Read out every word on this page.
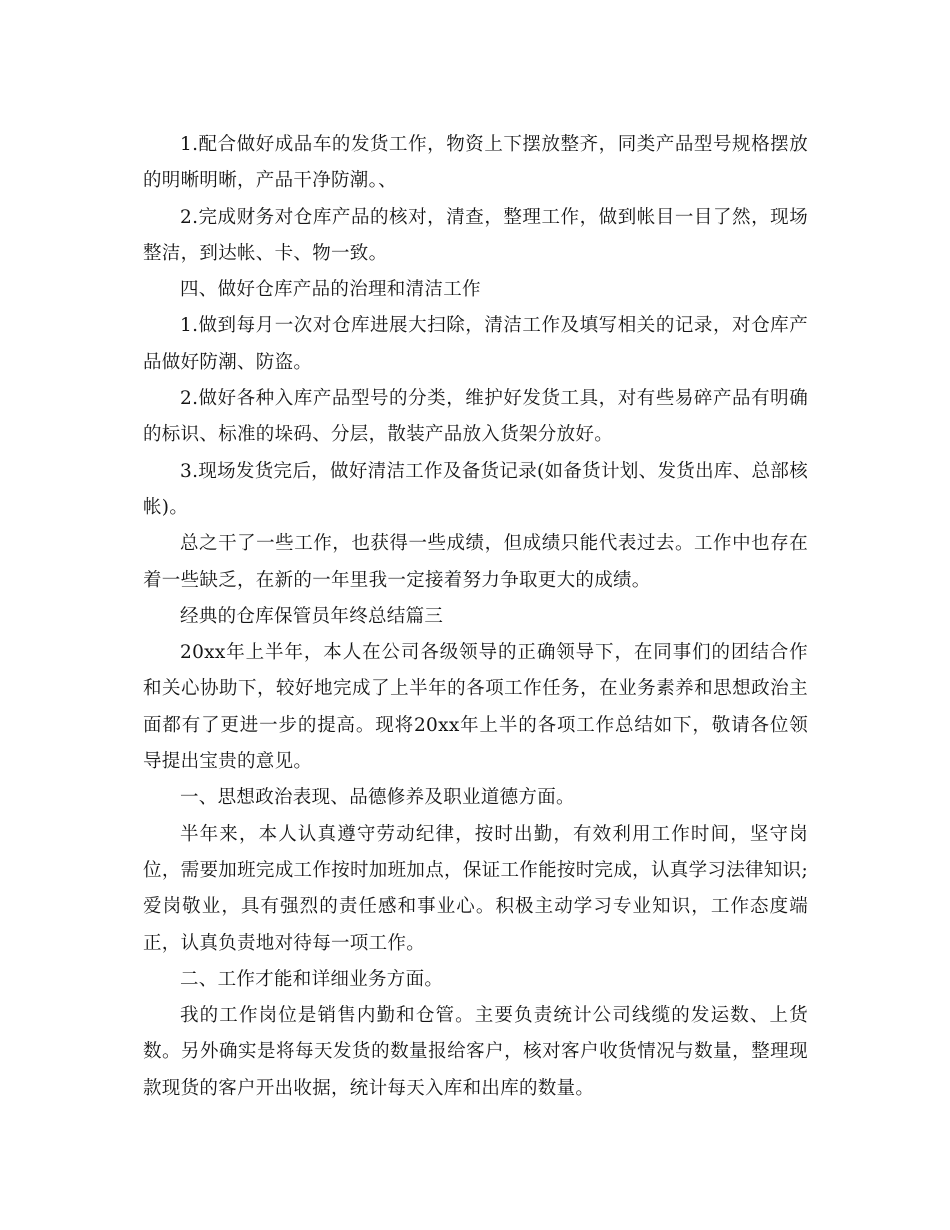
1.配合做好成品车的发货工作，物资上下摆放整齐，同类产品型号规格摆放的明晰明晰，产品干净防潮。、

2.完成财务对仓库产品的核对，清查，整理工作，做到帐目一目了然，现场整洁，到达帐、卡、物一致。

四、做好仓库产品的治理和清洁工作

1.做到每月一次对仓库进展大扫除，清洁工作及填写相关的记录，对仓库产品做好防潮、防盗。

2.做好各种入库产品型号的分类，维护好发货工具，对有些易碎产品有明确的标识、标准的垛码、分层，散装产品放入货架分放好。

3.现场发货完后，做好清洁工作及备货记录(如备货计划、发货出库、总部核帐)。

总之干了一些工作，也获得一些成绩，但成绩只能代表过去。工作中也存在着一些缺乏，在新的一年里我一定接着努力争取更大的成绩。

经典的仓库保管员年终总结篇三

20xx年上半年，本人在公司各级领导的正确领导下，在同事们的团结合作和关心协助下，较好地完成了上半年的各项工作任务，在业务素养和思想政治主面都有了更进一步的提高。现将20xx年上半的各项工作总结如下，敬请各位领导提出宝贵的意见。

一、思想政治表现、品德修养及职业道德方面。

半年来，本人认真遵守劳动纪律，按时出勤，有效利用工作时间，坚守岗位，需要加班完成工作按时加班加点，保证工作能按时完成，认真学习法律知识;爱岗敬业，具有强烈的责任感和事业心。积极主动学习专业知识，工作态度端正，认真负责地对待每一项工作。

二、工作才能和详细业务方面。

我的工作岗位是销售内勤和仓管。主要负责统计公司线缆的发运数、上货数。另外确实是将每天发货的数量报给客户，核对客户收货情况与数量，整理现款现货的客户开出收据，统计每天入库和出库的数量。
